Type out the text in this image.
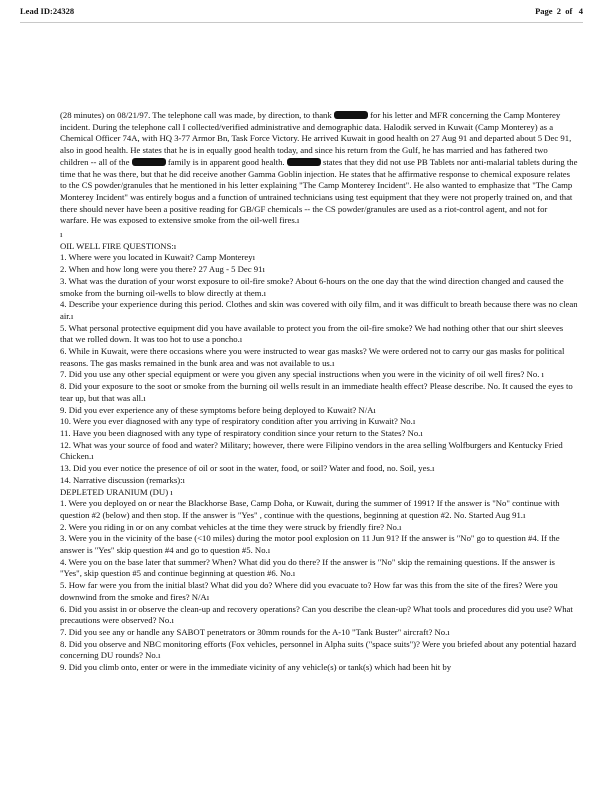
Lead ID:24328	Page 2 of 4

(28 minutes) on 08/21/97. The telephone call was made, by direction, to thank	for his letter and MFR concerning the Camp Monterey incident. During the telephone call I collected/verified administrative and demographic data. Halodik served in Kuwait (Camp Monterey) as a Chemical Officer 74A, with HQ 3-77 Armor Bn, Task Force Victory. He arrived Kuwait in good health on 27 Aug 91 and departed about 5 Dec 91, also in good health. He states that he is in equally good health today, and since his return from the Gulf, he has married and has fathered two children -- all of the	family is in apparent good health.	states that they did not use PB Tablets nor anti-malarial tablets during the time that he was there, but that he did receive another Gamma Goblin injection. He states that he affirmative response to chemical exposure relates to the CS powder/granules that he mentioned in his letter explaining "The Camp Monterey Incident". He also wanted to emphasize that "The Camp Monterey Incident" was entirely bogus and a function of untrained technicians using test equipment that they were not properly trained on, and that there should never have been a positive reading for GB/GF chemicals -- the CS powder/granules are used as a riot-control agent, and not for warfare. He was exposed to extensive smoke from the oil-well fires.ı

ı

OIL WELL FIRE QUESTIONS:ı

1. Where were you located in Kuwait? Camp Montereyı

2. When and how long were you there? 27 Aug - 5 Dec 91ı

3. What was the duration of your worst exposure to oil-fire smoke? About 6-hours on the one day that the wind direction changed and caused the smoke from the burning oil-wells to blow directly at them.ı

4. Describe your experience during this period. Clothes and skin was covered with oily film, and it was difficult to breath because there was no clean air.ı

5. What personal protective equipment did you have available to protect you from the oil-fire smoke? We had nothing other that our shirt sleeves that we rolled down. It was too hot to use a poncho.ı

6. While in Kuwait, were there occasions where you were instructed to wear gas masks? We were ordered not to carry our gas masks for political reasons. The gas masks remained in the bunk area and was not available to us.ı

7. Did you use any other special equipment or were you given any special instructions when you were in the vicinity of oil well fires? No. ı

8. Did your exposure to the soot or smoke from the burning oil wells result in an immediate health effect? Please describe. No. It caused the eyes to tear up, but that was all.ı

9. Did you ever experience any of these symptoms before being deployed to Kuwait? N/Aı

10. Were you ever diagnosed with any type of respiratory condition after you arriving in Kuwait? No.ı

11. Have you been diagnosed with any type of respiratory condition since your return to the States? No.ı

12. What was your source of food and water? Military; however, there were Filipino vendors in the area selling Wolfburgers and Kentucky Fried Chicken.ı

13. Did you ever notice the presence of oil or soot in the water, food, or soil? Water and food, no. Soil, yes.ı

14. Narrative discussion (remarks):ı

DEPLETED URANIUM (DU) ı

1. Were you deployed on or near the Blackhorse Base, Camp Doha, or Kuwait, during the summer of 1991? If the answer is "No" continue with question #2 (below) and then stop. If the answer is "Yes" , continue with the questions, beginning at question #2. No. Started Aug 91.ı

2. Were you riding in or on any combat vehicles at the time they were struck by friendly fire? No.ı

3. Were you in the vicinity of the base (<10 miles) during the motor pool explosion on 11 Jun 91? If the answer is "No" go to question #4. If the answer is "Yes" skip question #4 and go to question #5. No.ı

4. Were you on the base later that summer? When? What did you do there? If the answer is "No" skip the remaining questions. If the answer is "Yes", skip question #5 and continue beginning at question #6. No.ı

5. How far were you from the initial blast? What did you do? Where did you evacuate to? How far was this from the site of the fires? Were you downwind from the smoke and fires? N/Aı

6. Did you assist in or observe the clean-up and recovery operations? Can you describe the clean-up? What tools and procedures did you use? What precautions were observed? No.ı

7. Did you see any or handle any SABOT penetrators or 30mm rounds for the A-10 "Tank Buster" aircraft? No.ı

8. Did you observe and NBC monitoring efforts (Fox vehicles, personnel in Alpha suits ("space suits")? Were you briefed about any potential hazard concerning DU rounds? No.ı

9. Did you climb onto, enter or were in the immediate vicinity of any vehicle(s) or tank(s) which had been hit by
